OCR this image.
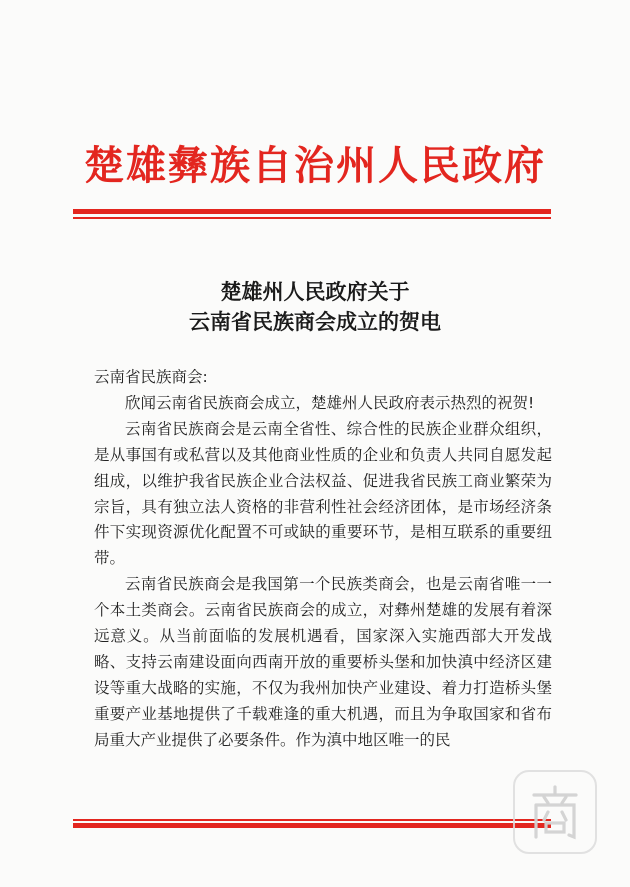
楚雄彝族自治州人民政府
楚雄州人民政府关于
云南省民族商会成立的贺电

云南省民族商会:

欣闻云南省民族商会成立，楚雄州人民政府表示热烈的祝贺!

云南省民族商会是云南全省性、综合性的民族企业群众组织，是从事国有或私营以及其他商业性质的企业和负责人共同自愿发起组成，以维护我省民族企业合法权益、促进我省民族工商业繁荣为宗旨，具有独立法人资格的非营利性社会经济团体，是市场经济条件下实现资源优化配置不可或缺的重要环节，是相互联系的重要纽带。

云南省民族商会是我国第一个民族类商会，也是云南省唯一一个本土类商会。云南省民族商会的成立，对彝州楚雄的发展有着深远意义。从当前面临的发展机遇看，国家深入实施西部大开发战略、支持云南建设面向西南开放的重要桥头堡和加快滇中经济区建设等重大战略的实施，不仅为我州加快产业建设、着力打造桥头堡重要产业基地提供了千载难逢的重大机遇，而且为争取国家和省布局重大产业提供了必要条件。作为滇中地区唯一的民
